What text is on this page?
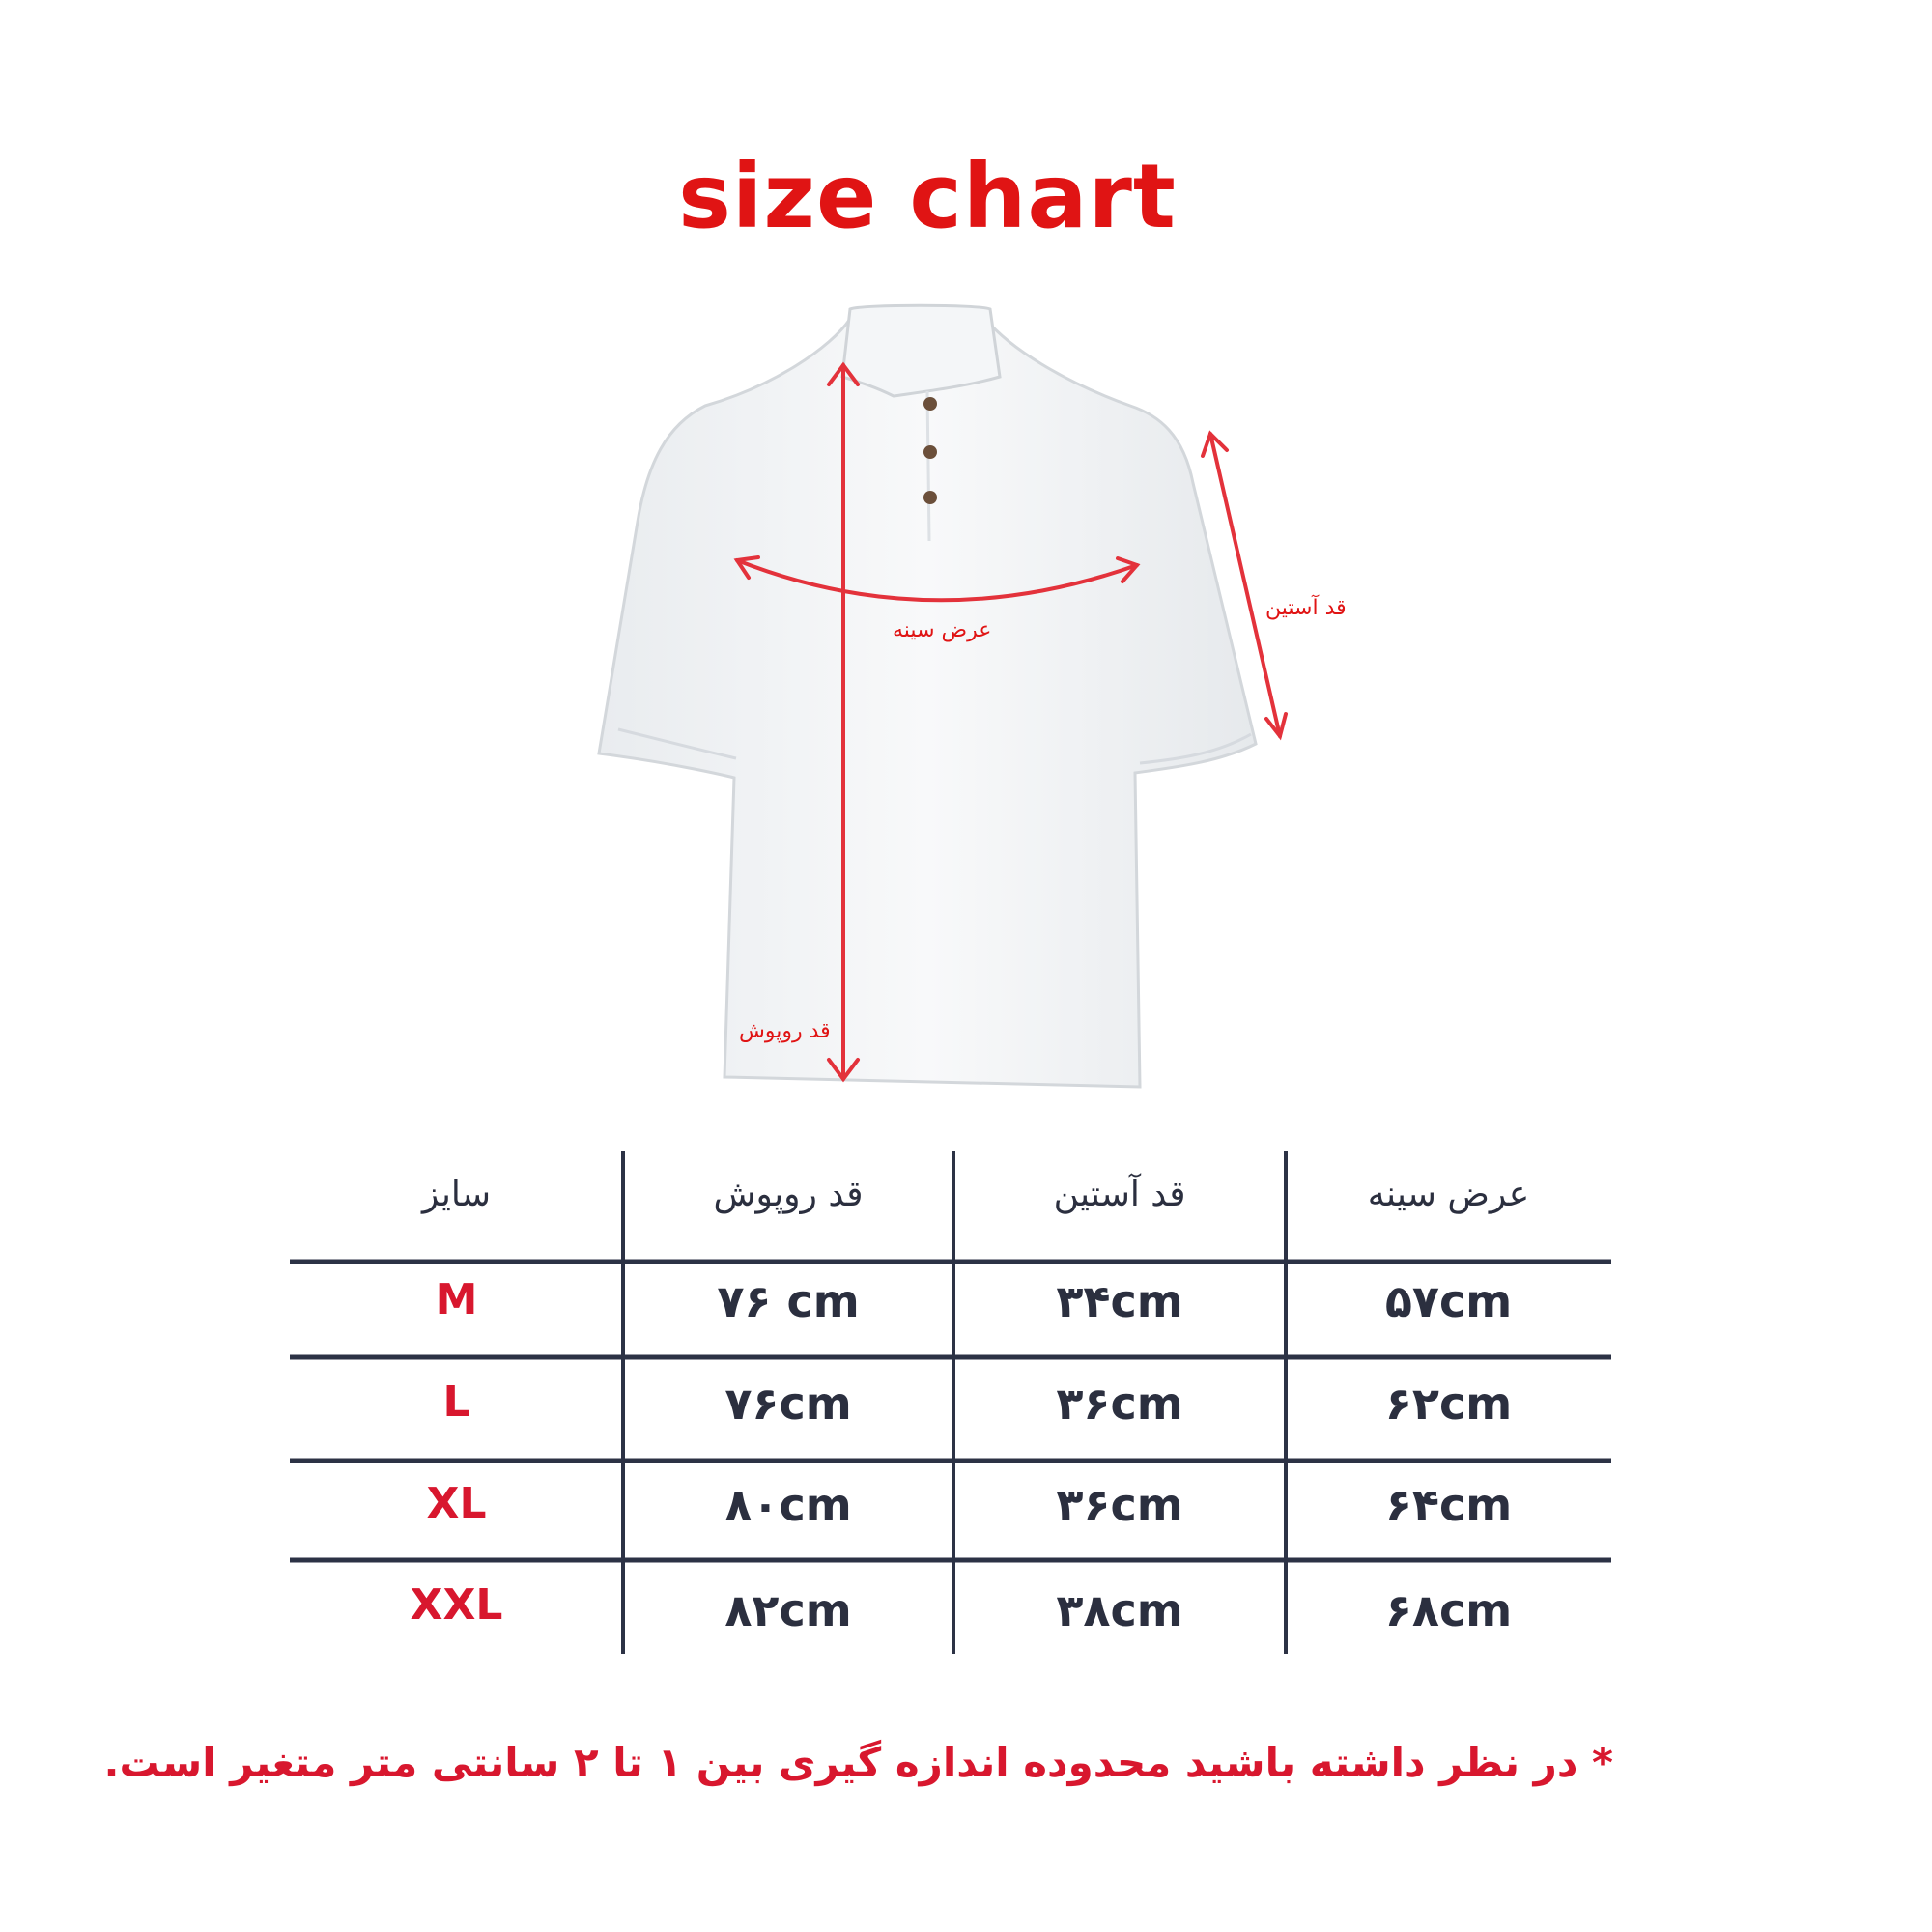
size chart
عرض سینه
قد آستین
قد روپوش
سایز	قد روپوش	قد آستین	عرض سینه
M	۷۶ cm	۳۴cm	۵۷cm
L	۷۶cm	۳۶cm	۶۲cm
XL	۸۰cm	۳۶cm	۶۴cm
XXL	۸۲cm	۳۸cm	۶۸cm
* در نظر داشته باشید محدوده اندازه گیری بین ۱ تا ۲ سانتی متر متغیر است.
